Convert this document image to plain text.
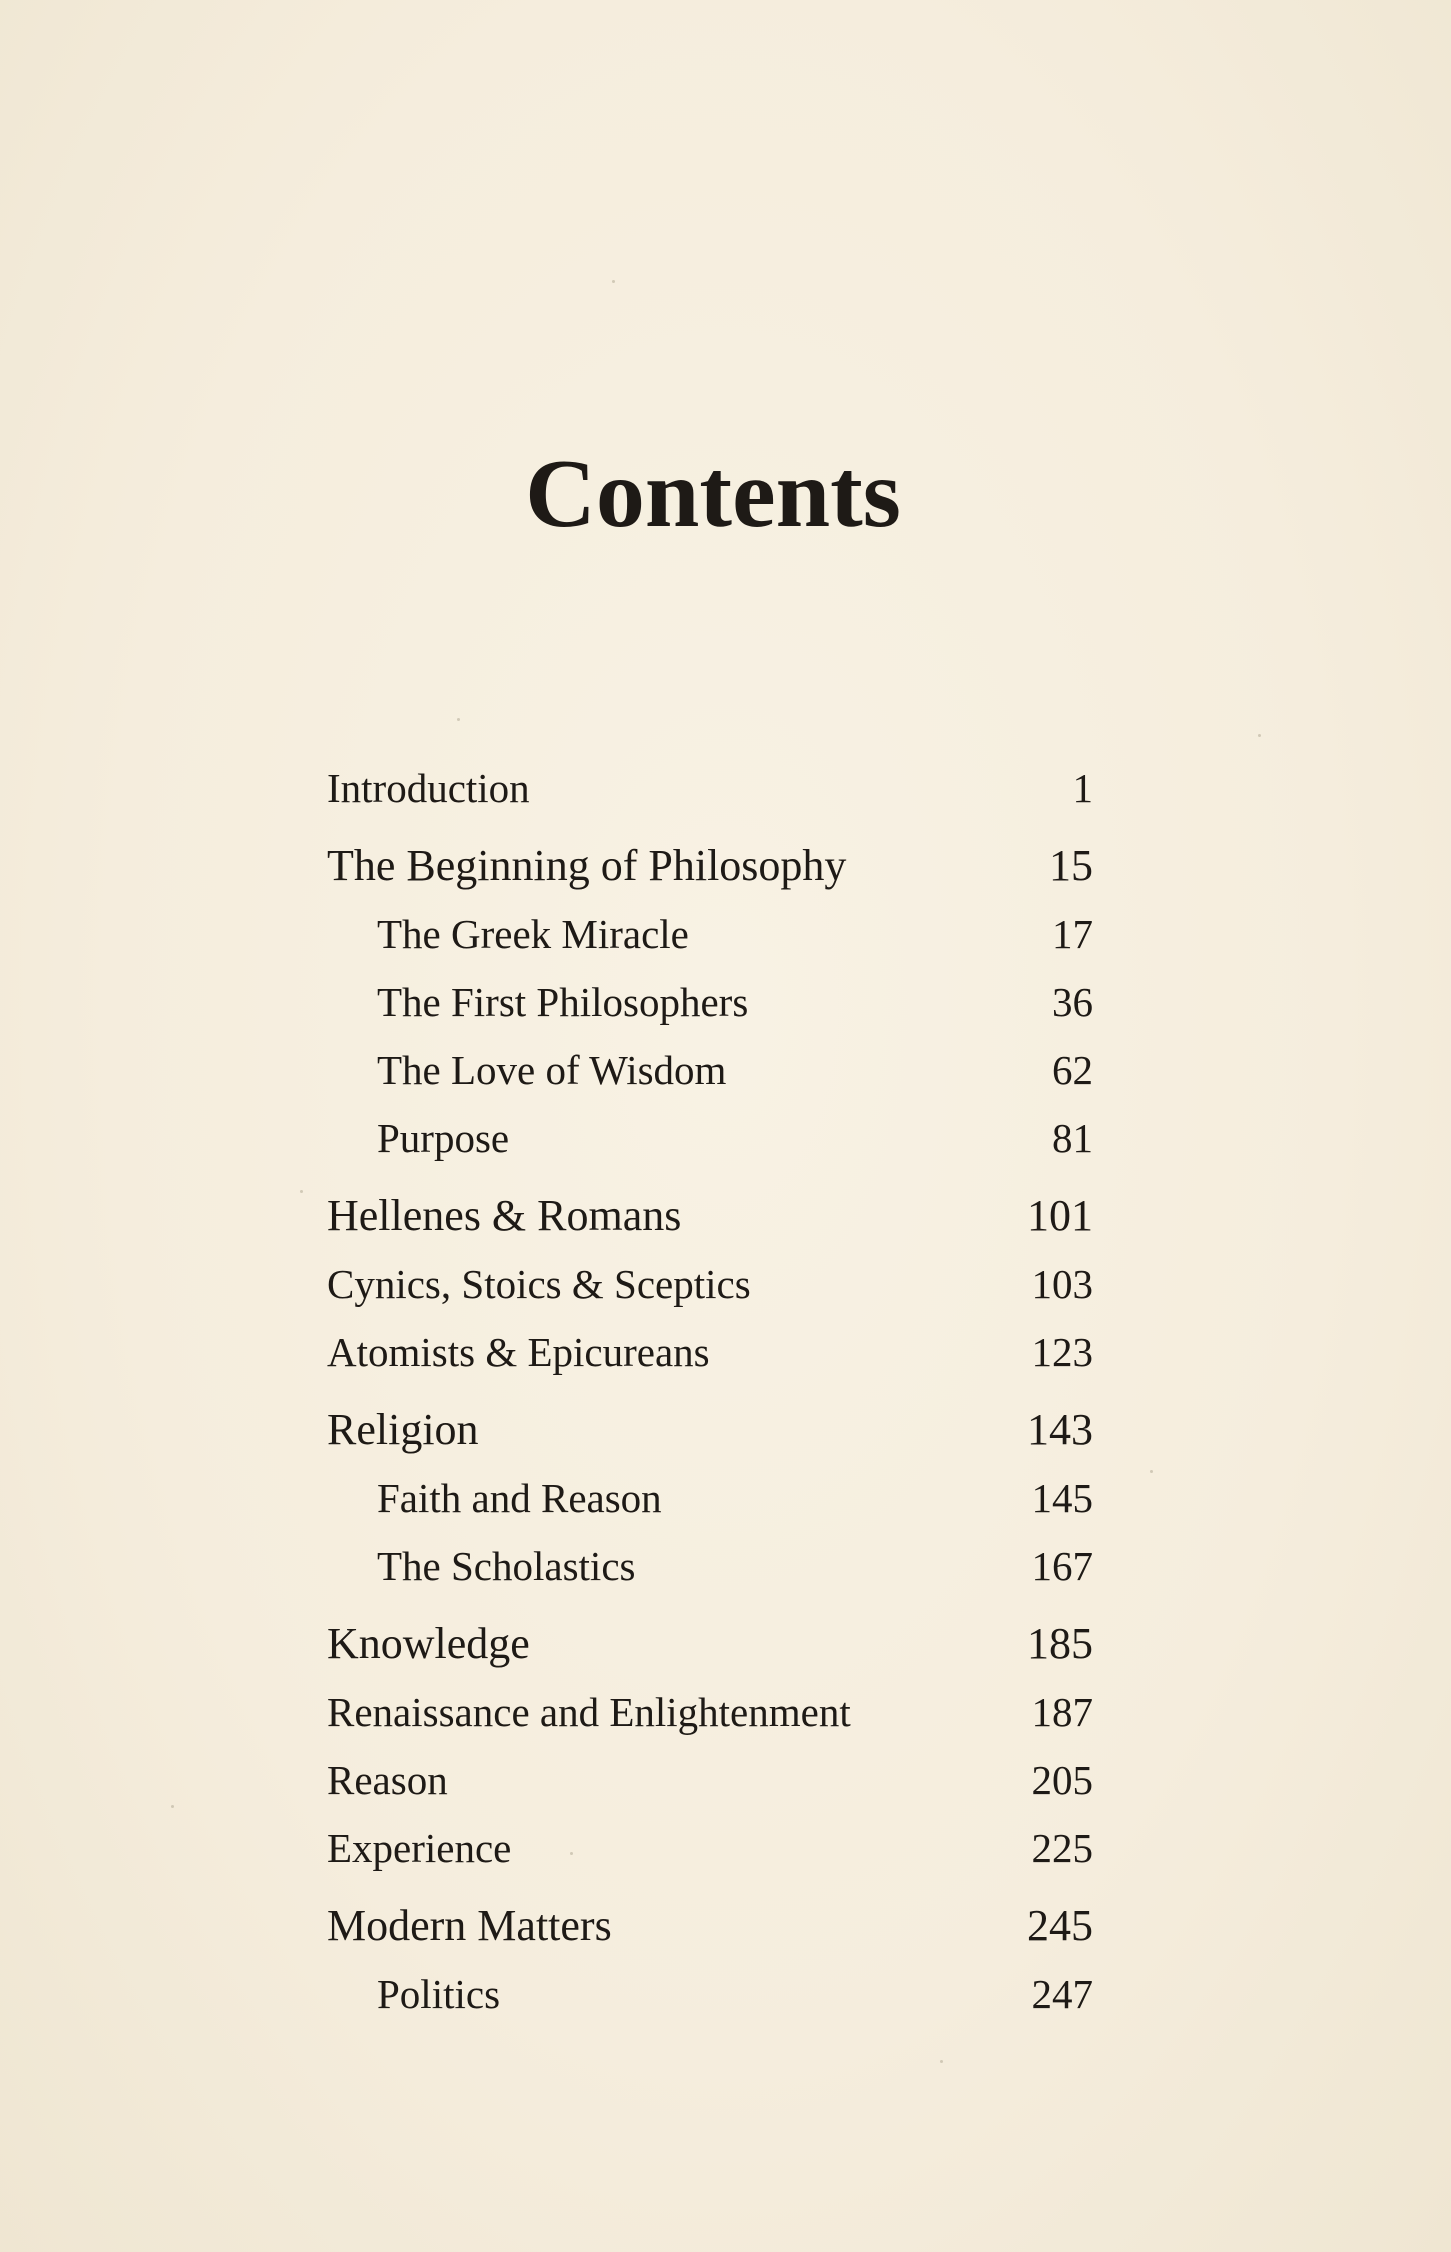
Contents
Introduction	1
The Beginning of Philosophy	15
The Greek Miracle	17
The First Philosophers	36
The Love of Wisdom	62
Purpose	81
Hellenes & Romans	101
Cynics, Stoics & Sceptics	103
Atomists & Epicureans	123
Religion	143
Faith and Reason	145
The Scholastics	167
Knowledge	185
Renaissance and Enlightenment	187
Reason	205
Experience	225
Modern Matters	245
Politics	247
